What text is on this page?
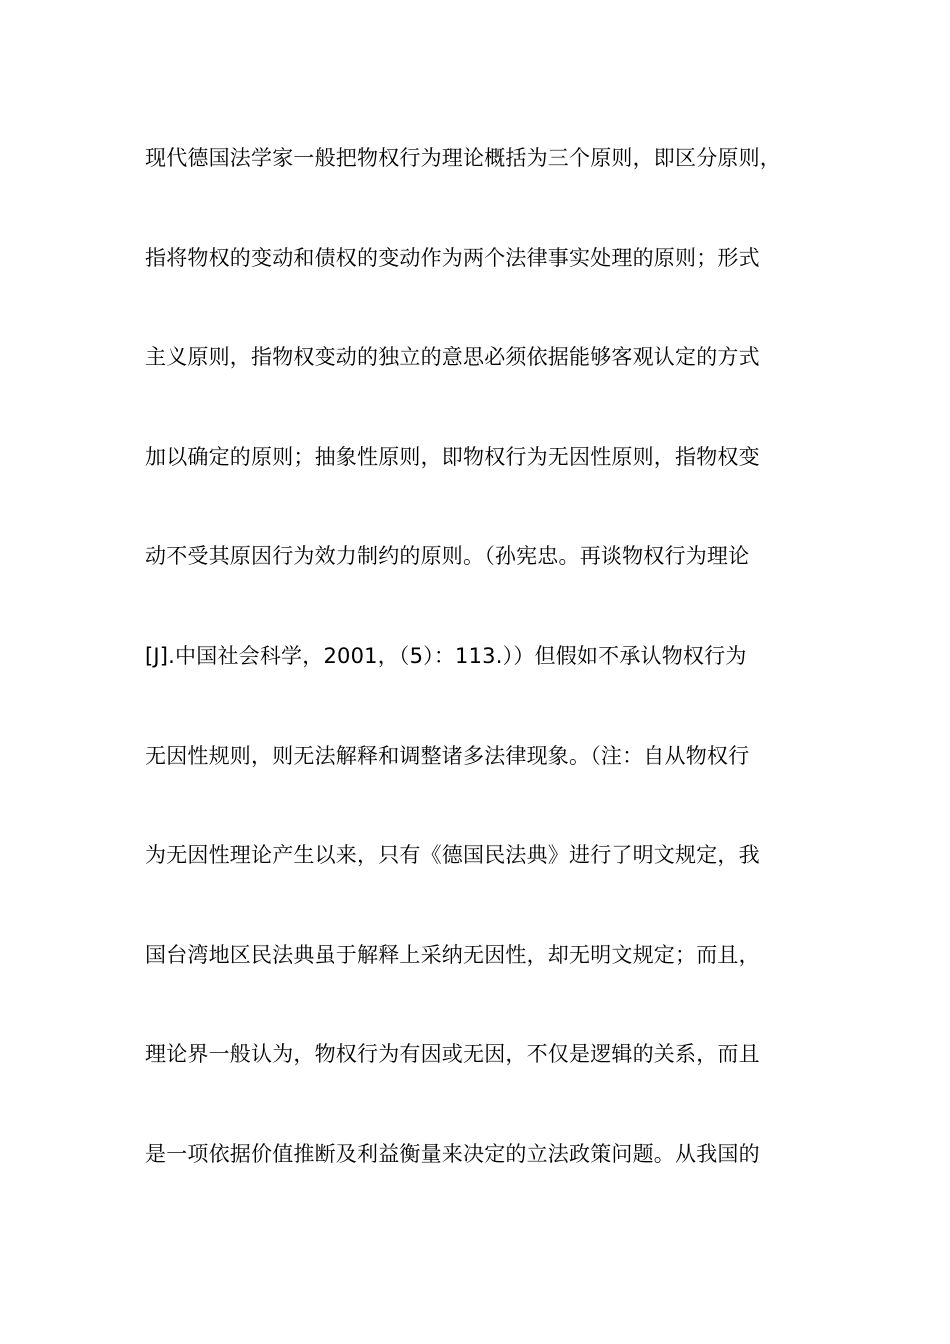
现代德国法学家一般把物权行为理论概括为三个原则，即区分原则，
指将物权的变动和债权的变动作为两个法律事实处理的原则；形式
主义原则，指物权变动的独立的意思必须依据能够客观认定的方式
加以确定的原则；抽象性原则，即物权行为无因性原则，指物权变
动不受其原因行为效力制约的原则。（孙宪忠。再谈物权行为理论
[J].中国社会科学，2001，（5）：113.））但假如不承认物权行为
无因性规则，则无法解释和调整诸多法律现象。（注：自从物权行
为无因性理论产生以来，只有《德国民法典》进行了明文规定，我
国台湾地区民法典虽于解释上采纳无因性，却无明文规定；而且，
理论界一般认为，物权行为有因或无因，不仅是逻辑的关系，而且
是一项依据价值推断及利益衡量来决定的立法政策问题。从我国的
